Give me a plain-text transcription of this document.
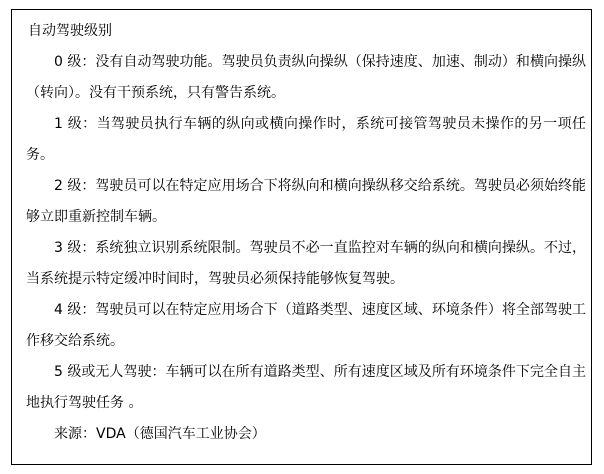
自动驾驶级别

0 级：没有自动驾驶功能。驾驶员负责纵向操纵（保持速度、加速、制动）和横向操纵（转向）。没有干预系统，只有警告系统。

1 级：当驾驶员执行车辆的纵向或横向操作时，系统可接管驾驶员未操作的另一项任务。

2 级：驾驶员可以在特定应用场合下将纵向和横向操纵移交给系统。驾驶员必须始终能够立即重新控制车辆。

3 级：系统独立识别系统限制。驾驶员不必一直监控对车辆的纵向和横向操纵。不过，当系统提示特定缓冲时间时，驾驶员必须保持能够恢复驾驶。

4 级：驾驶员可以在特定应用场合下（道路类型、速度区域、环境条件）将全部驾驶工作移交给系统。

5 级或无人驾驶：车辆可以在所有道路类型、所有速度区域及所有环境条件下完全自主地执行驾驶任务 。

来源：VDA（德国汽车工业协会）
